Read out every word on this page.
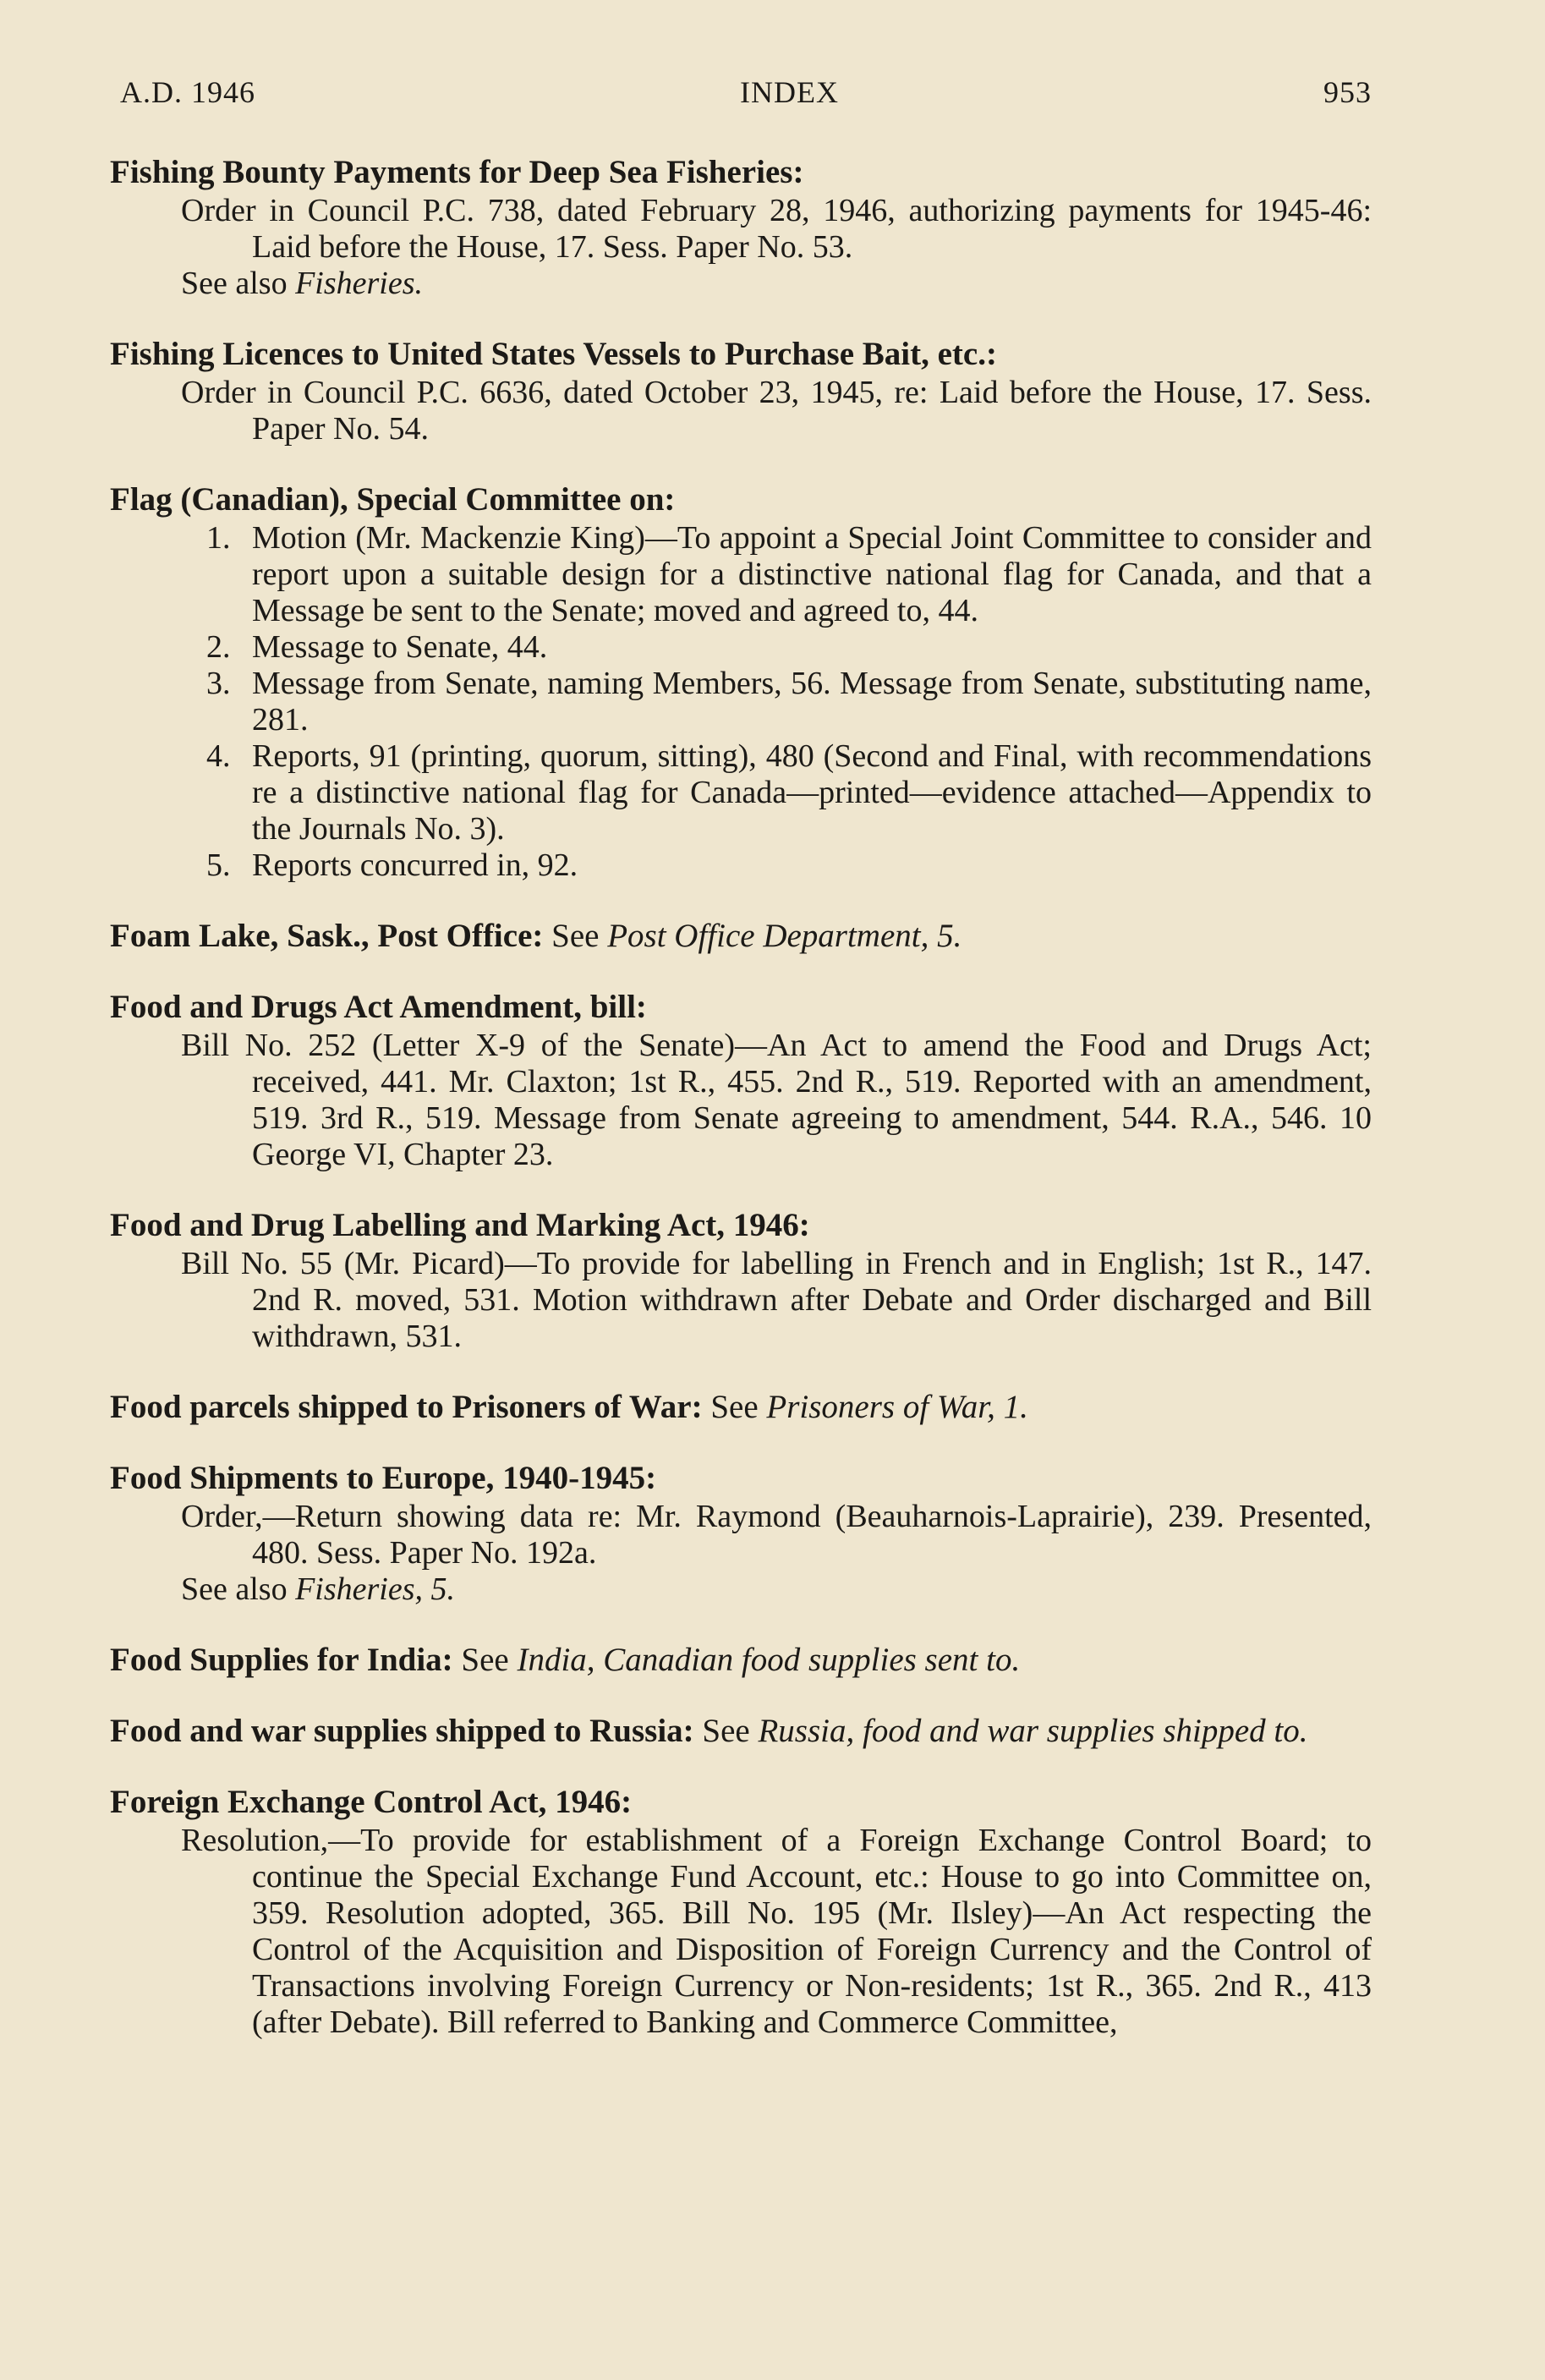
A.D. 1946	INDEX	953

Fishing Bounty Payments for Deep Sea Fisheries:

Order in Council P.C. 738, dated February 28, 1946, authorizing payments for 1945-46: Laid before the House, 17. Sess. Paper No. 53.

See also Fisheries.

Fishing Licences to United States Vessels to Purchase Bait, etc.:

Order in Council P.C. 6636, dated October 23, 1945, re: Laid before the House, 17. Sess. Paper No. 54.

Flag (Canadian), Special Committee on:

1. Motion (Mr. Mackenzie King)—To appoint a Special Joint Committee to consider and report upon a suitable design for a distinctive national flag for Canada, and that a Message be sent to the Senate; moved and agreed to, 44.

2. Message to Senate, 44.

3. Message from Senate, naming Members, 56. Message from Senate, substituting name, 281.

4. Reports, 91 (printing, quorum, sitting), 480 (Second and Final, with recommendations re a distinctive national flag for Canada—printed—evidence attached—Appendix to the Journals No. 3).

5. Reports concurred in, 92.

Foam Lake, Sask., Post Office: See Post Office Department, 5.

Food and Drugs Act Amendment, bill:

Bill No. 252 (Letter X-9 of the Senate)—An Act to amend the Food and Drugs Act; received, 441. Mr. Claxton; 1st R., 455. 2nd R., 519. Reported with an amendment, 519. 3rd R., 519. Message from Senate agreeing to amendment, 544. R.A., 546. 10 George VI, Chapter 23.

Food and Drug Labelling and Marking Act, 1946:

Bill No. 55 (Mr. Picard)—To provide for labelling in French and in English; 1st R., 147. 2nd R. moved, 531. Motion withdrawn after Debate and Order discharged and Bill withdrawn, 531.

Food parcels shipped to Prisoners of War: See Prisoners of War, 1.

Food Shipments to Europe, 1940-1945:

Order,—Return showing data re: Mr. Raymond (Beauharnois-Laprairie), 239. Presented, 480. Sess. Paper No. 192a.

See also Fisheries, 5.

Food Supplies for India: See India, Canadian food supplies sent to.

Food and war supplies shipped to Russia: See Russia, food and war supplies shipped to.

Foreign Exchange Control Act, 1946:

Resolution,—To provide for establishment of a Foreign Exchange Control Board; to continue the Special Exchange Fund Account, etc.: House to go into Committee on, 359. Resolution adopted, 365. Bill No. 195 (Mr. Ilsley)—An Act respecting the Control of the Acquisition and Disposition of Foreign Currency and the Control of Transactions involving Foreign Currency or Non-residents; 1st R., 365. 2nd R., 413 (after Debate). Bill referred to Banking and Commerce Committee,
